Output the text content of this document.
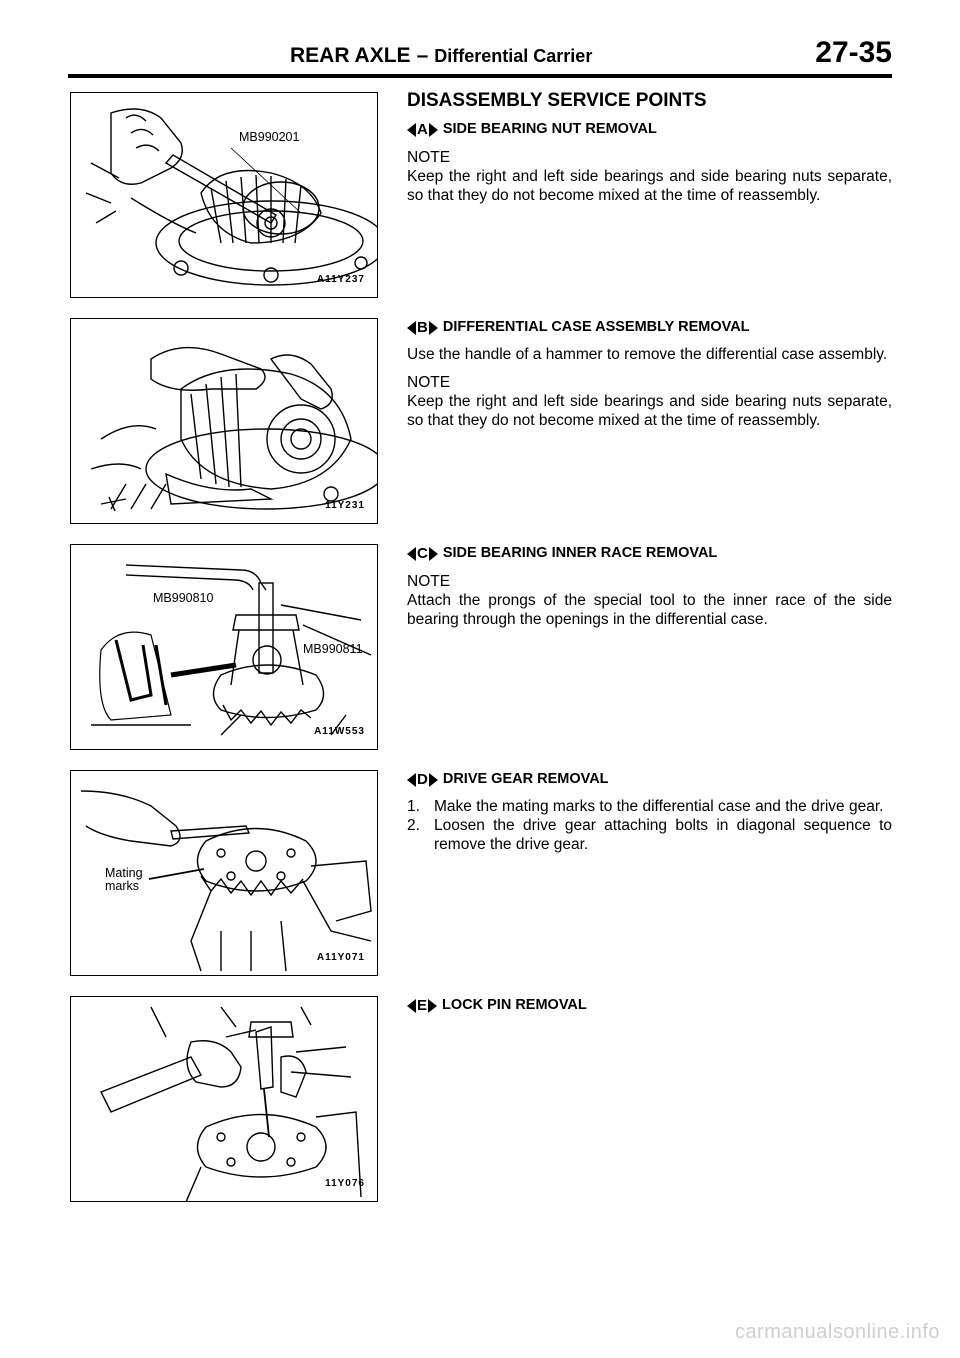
REAR AXLE – Differential Carrier	27-35
MB990201
A11Y237
11Y231
MB990810
MB990811
A11W553
Mating
marks
A11Y071
11Y076
DISASSEMBLY SERVICE POINTS
A SIDE BEARING NUT REMOVAL
NOTE
Keep the right and left side bearings and side bearing nuts separate, so that they do not become mixed at the time of reassembly.
B DIFFERENTIAL CASE ASSEMBLY REMOVAL
Use the handle of a hammer to remove the differential case assembly.
NOTE
Keep the right and left side bearings and side bearing nuts separate, so that they do not become mixed at the time of reassembly.
C SIDE BEARING INNER RACE REMOVAL
NOTE
Attach the prongs of the special tool to the inner race of the side bearing through the openings in the differential case.
D DRIVE GEAR REMOVAL
1. Make the mating marks to the differential case and the drive gear.
2. Loosen the drive gear attaching bolts in diagonal sequence to remove the drive gear.
E LOCK PIN REMOVAL
carmanualsonline.info
